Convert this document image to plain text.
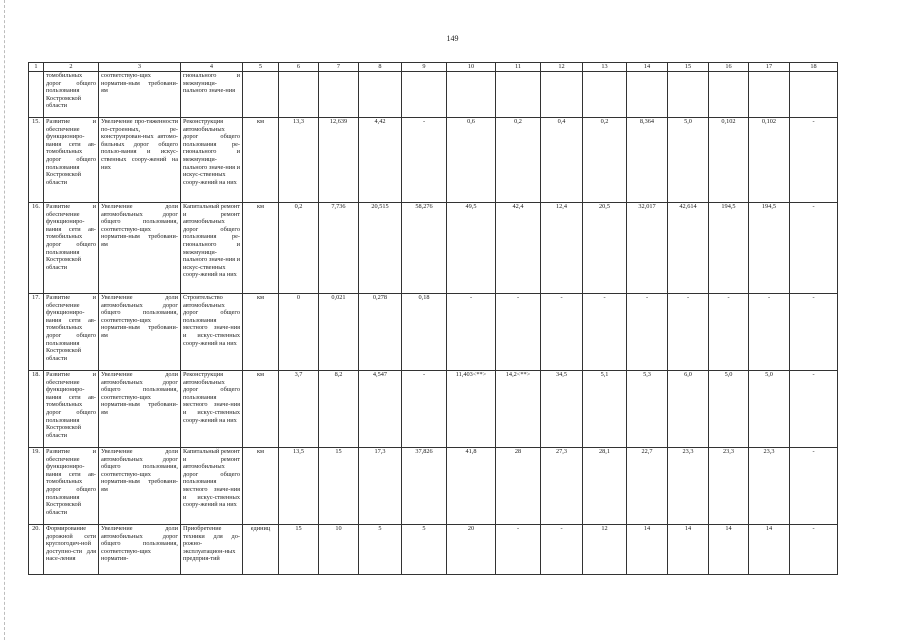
149
1	2	3	4	5	6	7	8	9	10	11	12	13	14	15	16	17	18
	томобильных дорог общего пользования Костромской области	соответствую-щих норматив-ным требовани-ям	гионального и межмуници-пального значе-ния														
15.	Развитие и обеспечение функциониро-вания сети ав-томобильных дорог общего пользования Костромской области	Увеличение про-тяженности по-строенных, ре-конструирован-ных автомо-бильных дорог общего пользо-вания и искус-ственных соору-жений на них	Реконструкция автомобильных дорог общего пользования ре-гионального и межмуници-пального значе-ния и искус-ственных соору-жений на них	км	13,3	12,639	4,42	-	0,6	0,2	0,4	0,2	8,364	5,0	0,102	0,102	-
16.	Развитие и обеспечение функциониро-вания сети ав-томобильных дорог общего пользования Костромской области	Увеличение доли автомобильных дорог общего пользования, соответствую-щих норматив-ным требовани-ям	Капитальный ремонт и ремонт автомобильных дорог общего пользования ре-гионального и межмуници-пального значе-ния и искус-ственных соору-жений на них	км	0,2	7,736	20,515	58,276	49,5	42,4	12,4	20,5	32,017	42,614	194,5	194,5	-
17.	Развитие и обеспечение функциониро-вания сети ав-томобильных дорог общего пользования Костромской области	Увеличение доли автомобильных дорог общего пользования, соответствую-щих норматив-ным требовани-ям	Строительство автомобильных дорог общего пользования местного значе-ния и искус-ственных соору-жений на них	км	0	0,021	0,278	0,18	-	-	-	-	-	-	-	-	-
18.	Развитие и обеспечение функциониро-вания сети ав-томобильных дорог общего пользования Костромской области	Увеличение доли автомобильных дорог общего пользования, соответствую-щих норматив-ным требовани-ям	Реконструкция автомобильных дорог общего пользования местного значе-ния и искус-ственных соору-жений на них	км	3,7	8,2	4,547	-	11,403<**>	14,2<**>	34,5	5,1	5,3	6,0	5,0	5,0	-
19.	Развитие и обеспечение функциониро-вания сети ав-томобильных дорог общего пользования Костромской области	Увеличение доли автомобильных дорог общего пользования, соответствую-щих норматив-ным требовани-ям	Капитальный ремонт и ремонт автомобильных дорог общего пользования местного значе-ния и искус-ственных соору-жений на них	км	13,5	15	17,3	37,826	41,8	28	27,3	28,1	22,7	23,3	23,3	23,3	-
20.	Формирование дорожной сети круглогодич-ной доступно-сти для насе-ления	Увеличение доли автомобильных дорог общего пользования, соответствую-щих норматив-	Приобретение техники для до-рожно-эксплуатацион-ных предприя-тий	единиц	15	10	5	5	20	-	-	12	14	14	14	14	-
